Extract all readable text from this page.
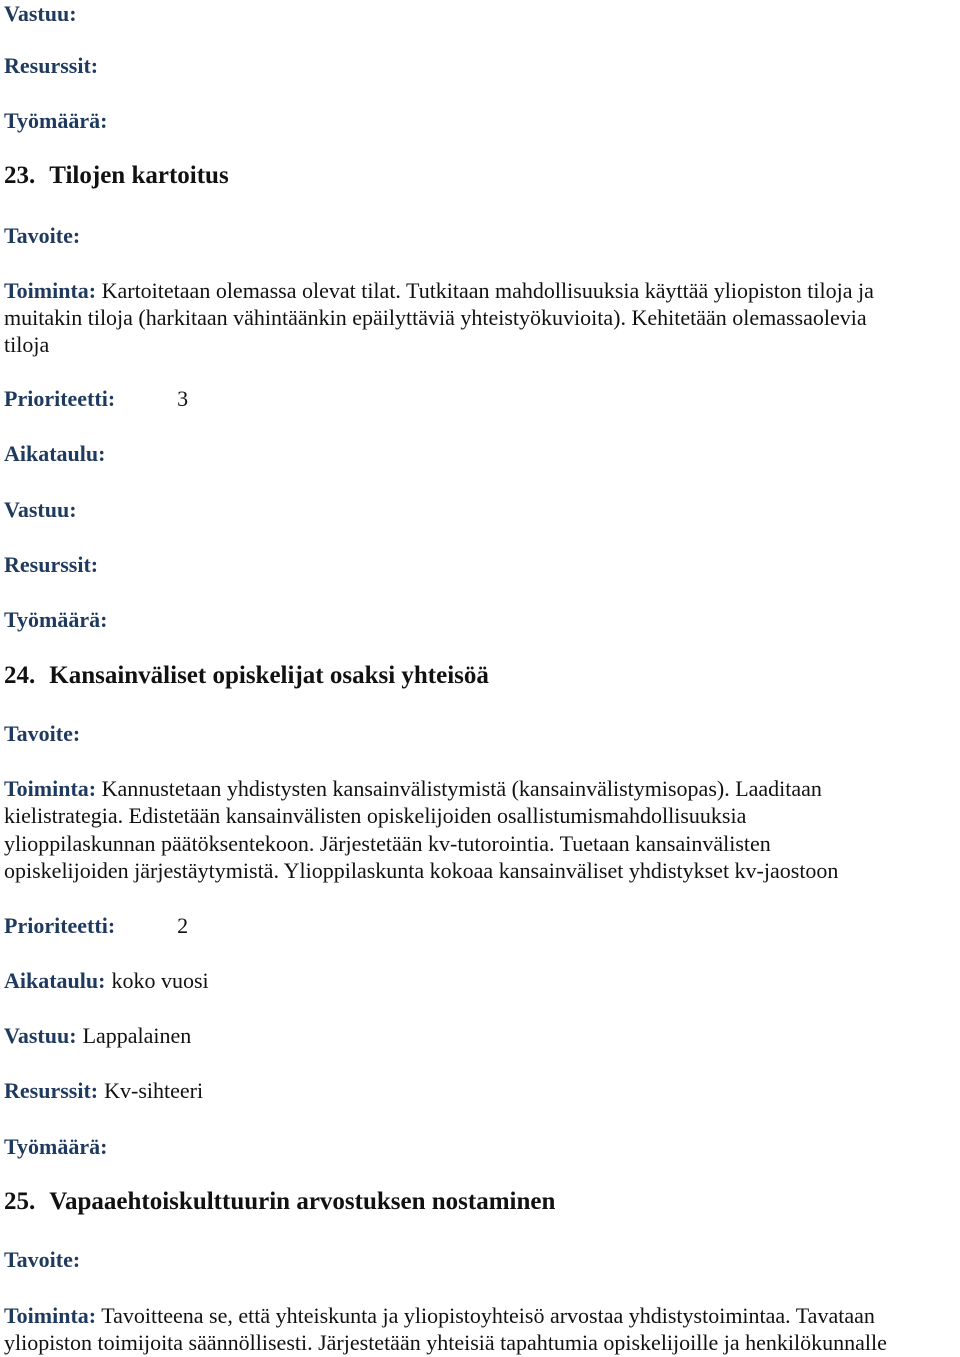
Vastuu:
Resurssit:
Työmäärä:
23. Tilojen kartoitus
Tavoite:
Toiminta: Kartoitetaan olemassa olevat tilat. Tutkitaan mahdollisuuksia käyttää yliopiston tiloja ja
muitakin tiloja (harkitaan vähintäänkin epäilyttäviä yhteistyökuvioita). Kehitetään olemassaolevia
tiloja
Prioriteetti:	3
Aikataulu:
Vastuu:
Resurssit:
Työmäärä:
24. Kansainväliset opiskelijat osaksi yhteisöä
Tavoite:
Toiminta: Kannustetaan yhdistysten kansainvälistymistä (kansainvälistymisopas). Laaditaan
kielistrategia. Edistetään kansainvälisten opiskelijoiden osallistumismahdollisuuksia
ylioppilaskunnan päätöksentekoon. Järjestetään kv-tutorointia. Tuetaan kansainvälisten
opiskelijoiden järjestäytymistä. Ylioppilaskunta kokoaa kansainväliset yhdistykset kv-jaostoon
Prioriteetti:	2
Aikataulu: koko vuosi
Vastuu: Lappalainen
Resurssit: Kv-sihteeri
Työmäärä:
25. Vapaaehtoiskulttuurin arvostuksen nostaminen
Tavoite:
Toiminta: Tavoitteena se, että yhteiskunta ja yliopistoyhteisö arvostaa yhdistystoimintaa. Tavataan
yliopiston toimijoita säännöllisesti. Järjestetään yhteisiä tapahtumia opiskelijoille ja henkilökunnalle
